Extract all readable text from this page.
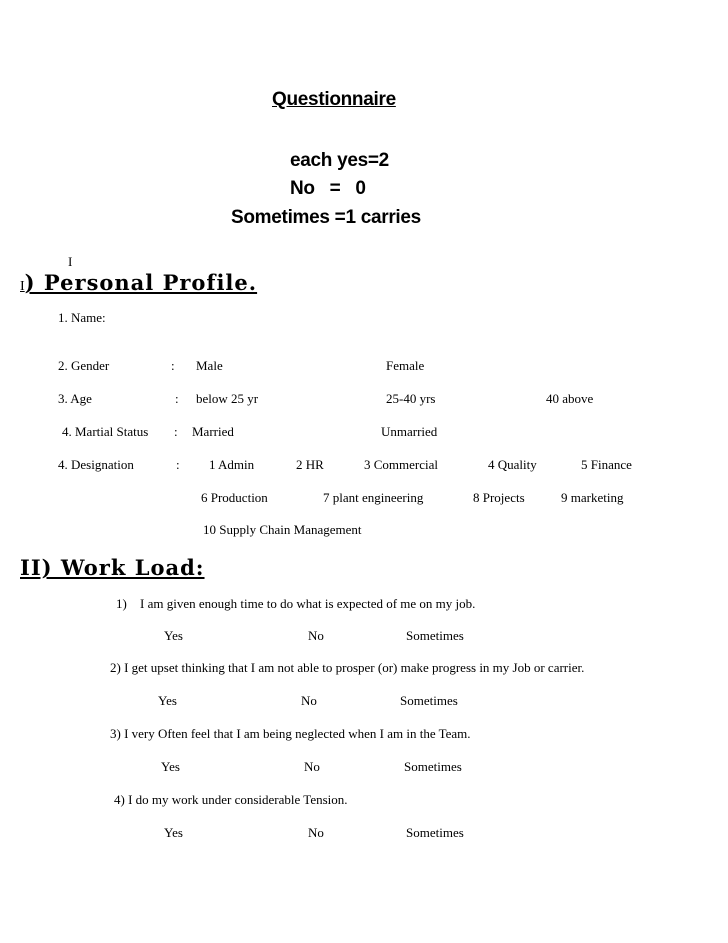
Questionnaire
each yes=2
No   =   0
Sometimes =1 carries
I
I) Personal Profile.
1. Name:
2. Gender	: Male	Female
3. Age	: below 25 yr	25-40 yrs	40 above
4. Martial Status : Married	Unmarried
4. Designation	: 1 Admin	2 HR	3 Commercial	4 Quality	5 Finance
6 Production	7 plant engineering	8 Projects	9 marketing
10 Supply Chain Management
II) Work Load:
1) I am given enough time to do what is expected of me on my job.
Yes	No	Sometimes
2) I get upset thinking that I am not able to prosper (or) make progress in my Job or carrier.
Yes	No	Sometimes
3) I very Often feel that I am being neglected when I am in the Team.
Yes	No	Sometimes
4) I do my work under considerable Tension.
Yes	No	Sometimes
